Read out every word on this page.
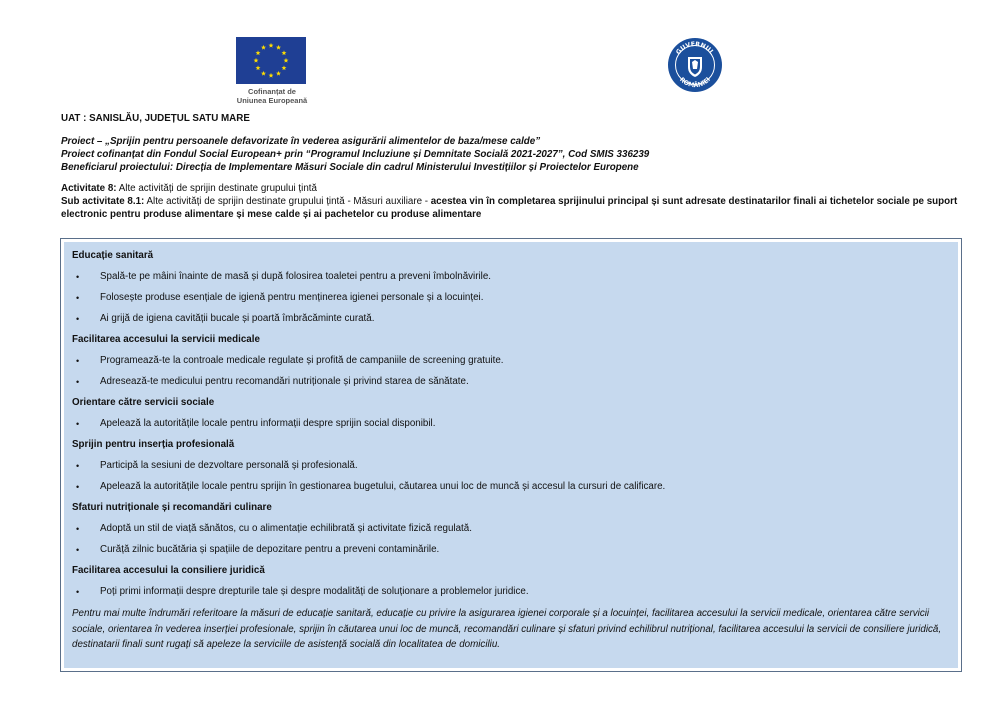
Cofinanțat de
Uniunea Europeană
GUVERNUL
ROMÂNIEI
UAT : SANISLĂU, JUDEȚUL SATU MARE
Proiect – „Sprijin pentru persoanele defavorizate în vederea asigurării alimentelor de baza/mese calde”
Proiect cofinanțat din Fondul Social European+ prin “Programul Incluziune și Demnitate Socială 2021-2027”, Cod SMIS 336239
Beneficiarul proiectului: Direcția de Implementare Măsuri Sociale din cadrul Ministerului Investițiilor și Proiectelor Europene
Activitate 8: Alte activități de sprijin destinate grupului țintă
Sub activitate 8.1: Alte activități de sprijin destinate grupului țintă - Măsuri auxiliare - acestea vin în completarea sprijinului principal și sunt adresate destinatarilor finali ai tichetelor sociale pe suport electronic pentru produse alimentare și mese calde și ai pachetelor cu produse alimentare
Educație sanitară
• Spală-te pe mâini înainte de masă și după folosirea toaletei pentru a preveni îmbolnăvirile.
• Folosește produse esențiale de igienă pentru menținerea igienei personale și a locuinței.
• Ai grijă de igiena cavității bucale și poartă îmbrăcăminte curată.
Facilitarea accesului la servicii medicale
• Programează-te la controale medicale regulate și profită de campaniile de screening gratuite.
• Adresează-te medicului pentru recomandări nutriționale și privind starea de sănătate.
Orientare către servicii sociale
• Apelează la autoritățile locale pentru informații despre sprijin social disponibil.
Sprijin pentru inserția profesională
• Participă la sesiuni de dezvoltare personală și profesională.
• Apelează la autoritățile locale pentru sprijin în gestionarea bugetului, căutarea unui loc de muncă și accesul la cursuri de calificare.
Sfaturi nutriționale și recomandări culinare
• Adoptă un stil de viață sănătos, cu o alimentație echilibrată și activitate fizică regulată.
• Curăță zilnic bucătăria și spațiile de depozitare pentru a preveni contaminările.
Facilitarea accesului la consiliere juridică
• Poți primi informații despre drepturile tale și despre modalități de soluționare a problemelor juridice.
Pentru mai multe îndrumări referitoare la măsuri de educație sanitară, educație cu privire la asigurarea igienei corporale și a locuinței, facilitarea accesului la servicii medicale, orientarea către servicii sociale, orientarea în vederea inserției profesionale, sprijin în căutarea unui loc de muncă, recomandări culinare și sfaturi privind echilibrul nutrițional, facilitarea accesului la servicii de consiliere juridică, destinatarii finali sunt rugați să apeleze la serviciile de asistență socială din localitatea de domiciliu.
